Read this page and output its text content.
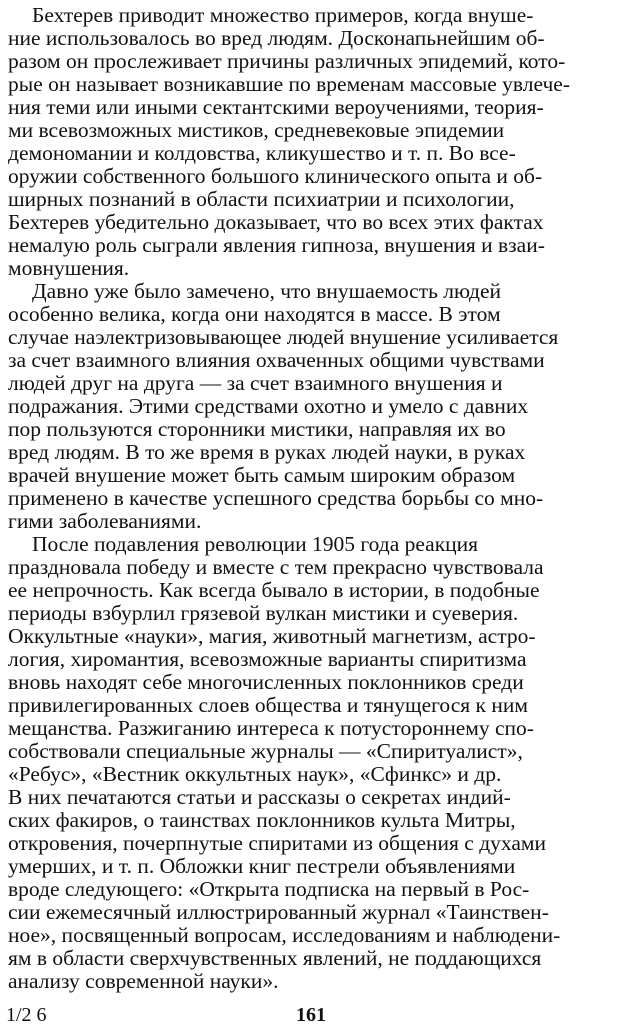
Бехтерев приводит множество примеров, когда внуше-
ние использовалось во вред людям. Досконапьнейшим об-
разом он прослеживает причины различных эпидемий, кото-
рые он называет возникавшие по временам массовые увлече-
ния теми или иными сектантскими вероучениями, теория-
ми всевозможных мистиков, средневековые эпидемии
демономании и колдовства, кликушество и т. п. Во все-
оружии собственного большого клинического опыта и об-
ширных познаний в области психиатрии и психологии,
Бехтерев убедительно доказывает, что во всех этих фактах
немалую роль сыграли явления гипноза, внушения и взаи-
мовнушения.
Давно уже было замечено, что внушаемость людей
особенно велика, когда они находятся в массе. В этом
случае наэлектризовывающее людей внушение усиливается
за счет взаимного влияния охваченных общими чувствами
людей друг на друга — за счет взаимного внушения и
подражания. Этими средствами охотно и умело с давних
пор пользуются сторонники мистики, направляя их во
вред людям. В то же время в руках людей науки, в руках
врачей внушение может быть самым широким образом
применено в качестве успешного средства борьбы со мно-
гими заболеваниями.
После подавления революции 1905 года реакция
праздновала победу и вместе с тем прекрасно чувствовала
ее непрочность. Как всегда бывало в истории, в подобные
периоды взбурлил грязевой вулкан мистики и суеверия.
Оккультные «науки», магия, животный магнетизм, астро-
логия, хиромантия, всевозможные варианты спиритизма
вновь находят себе многочисленных поклонников среди
привилегированных слоев общества и тянущегося к ним
мещанства. Разжиганию интереса к потустороннему спо-
собствовали специальные журналы — «Спиритуалист»,
«Ребус», «Вестник оккультных наук», «Сфинкс» и др.
В них печатаются статьи и рассказы о секретах индий-
ских факиров, о таинствах поклонников культа Митры,
откровения, почерпнутые спиритами из общения с духами
умерших, и т. п. Обложки книг пестрели объявлениями
вроде следующего: «Открыта подписка на первый в Рос-
сии ежемесячный иллюстрированный журнал «Таинствен-
ное», посвященный вопросам, исследованиям и наблюдени-
ям в области сверхчувственных явлений, не поддающихся
анализу современной науки».
1/2 6	161
